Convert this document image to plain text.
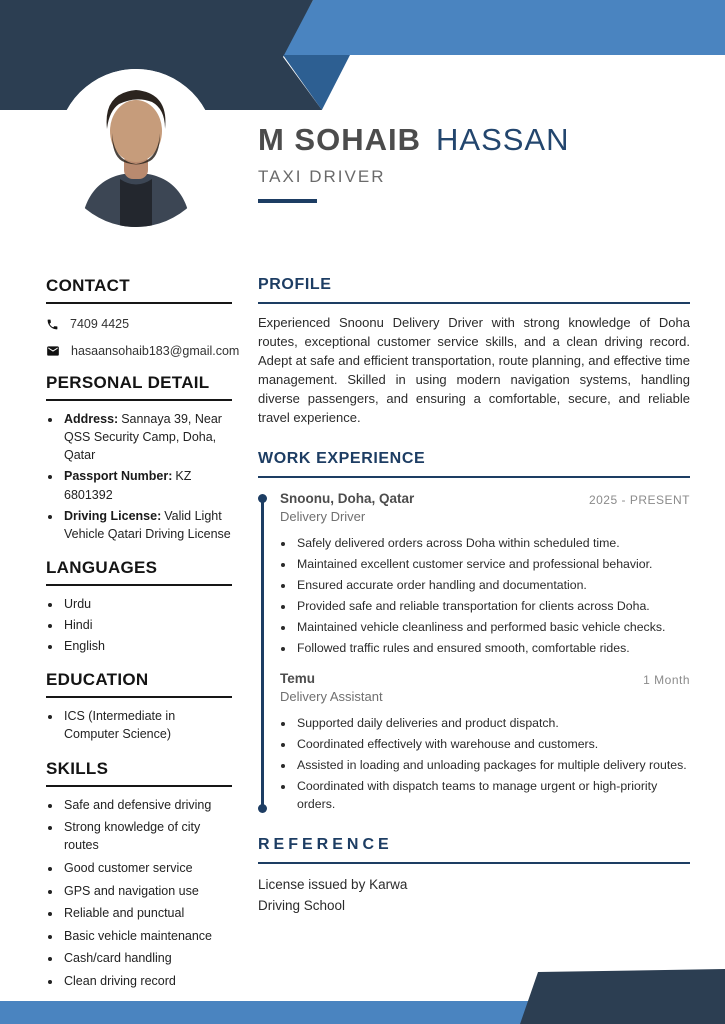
M SOHAIB HASSAN
TAXI DRIVER
CONTACT
7409 4425
hasaansohaib183@gmail.com
PERSONAL DETAIL
• Address: Sannaya 39, Near QSS Security Camp, Doha, Qatar
• Passport Number: KZ 6801392
• Driving License: Valid Light Vehicle Qatari Driving License
LANGUAGES
• Urdu
• Hindi
• English
EDUCATION
• ICS (Intermediate in Computer Science)
SKILLS
• Safe and defensive driving
• Strong knowledge of city routes
• Good customer service
• GPS and navigation use
• Reliable and punctual
• Basic vehicle maintenance
• Cash/card handling
• Clean driving record
PROFILE

Experienced Snoonu Delivery Driver with strong knowledge of Doha routes, exceptional customer service skills, and a clean driving record. Adept at safe and efficient transportation, route planning, and effective time management. Skilled in using modern navigation systems, handling diverse passengers, and ensuring a comfortable, secure, and reliable travel experience.

WORK EXPERIENCE
Snoonu, Doha, Qatar
Delivery Driver
2025 - PRESENT
• Safely delivered orders across Doha within scheduled time.
• Maintained excellent customer service and professional behavior.
• Ensured accurate order handling and documentation.
• Provided safe and reliable transportation for clients across Doha.
• Maintained vehicle cleanliness and performed basic vehicle checks.
• Followed traffic rules and ensured smooth, comfortable rides.
Temu
Delivery Assistant
1 Month
• Supported daily deliveries and product dispatch.
• Coordinated effectively with warehouse and customers.
• Assisted in loading and unloading packages for multiple delivery routes.
• Coordinated with dispatch teams to manage urgent or high-priority orders.
REFERENCE
License issued by Karwa
Driving School
